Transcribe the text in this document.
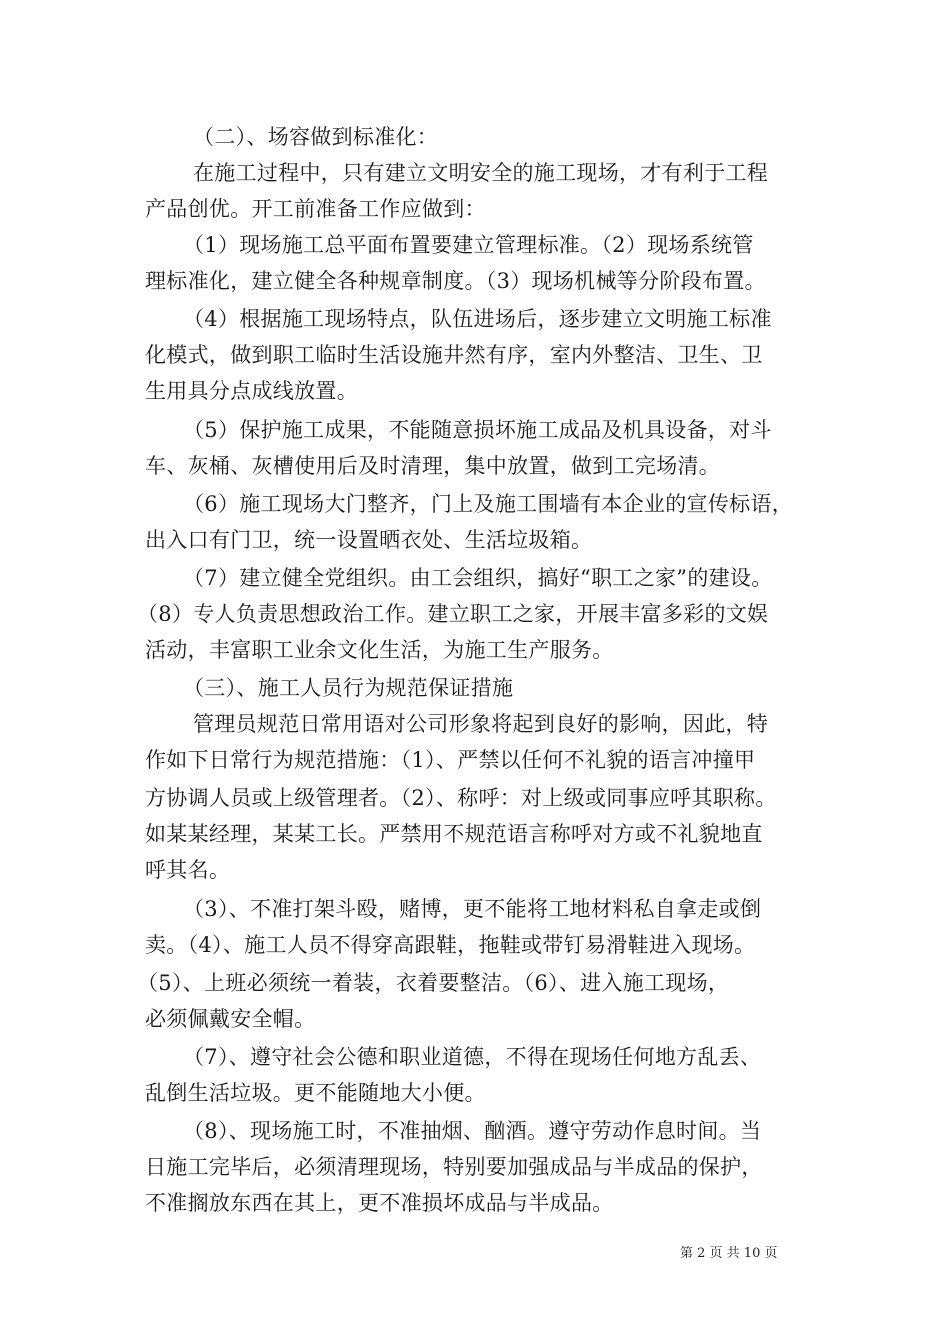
（二）、场容做到标准化：
在施工过程中，只有建立文明安全的施工现场，才有利于工程
产品创优。开工前准备工作应做到：
（1）现场施工总平面布置要建立管理标准。（2）现场系统管
理标准化，建立健全各种规章制度。（3）现场机械等分阶段布置。
（4）根据施工现场特点，队伍进场后，逐步建立文明施工标准
化模式，做到职工临时生活设施井然有序，室内外整洁、卫生、卫
生用具分点成线放置。
（5）保护施工成果，不能随意损坏施工成品及机具设备，对斗
车、灰桶、灰槽使用后及时清理，集中放置，做到工完场清。
（6）施工现场大门整齐，门上及施工围墙有本企业的宣传标语，
出入口有门卫，统一设置晒衣处、生活垃圾箱。
（7）建立健全党组织。由工会组织，搞好“职工之家”的建设。
（8）专人负责思想政治工作。建立职工之家，开展丰富多彩的文娱
活动，丰富职工业余文化生活，为施工生产服务。
（三）、施工人员行为规范保证措施
管理员规范日常用语对公司形象将起到良好的影响，因此，特
作如下日常行为规范措施：（1）、严禁以任何不礼貌的语言冲撞甲
方协调人员或上级管理者。（2）、称呼：对上级或同事应呼其职称。
如某某经理，某某工长。严禁用不规范语言称呼对方或不礼貌地直
呼其名。
（3）、不准打架斗殴，赌博，更不能将工地材料私自拿走或倒
卖。（4）、施工人员不得穿高跟鞋，拖鞋或带钉易滑鞋进入现场。
（5）、上班必须统一着装，衣着要整洁。（6）、进入施工现场，
必须佩戴安全帽。
（7）、遵守社会公德和职业道德，不得在现场任何地方乱丢、
乱倒生活垃圾。更不能随地大小便。
（8）、现场施工时，不准抽烟、酗酒。遵守劳动作息时间。当
日施工完毕后，必须清理现场，特别要加强成品与半成品的保护，
不准搁放东西在其上，更不准损坏成品与半成品。
第 2 页 共 10 页
